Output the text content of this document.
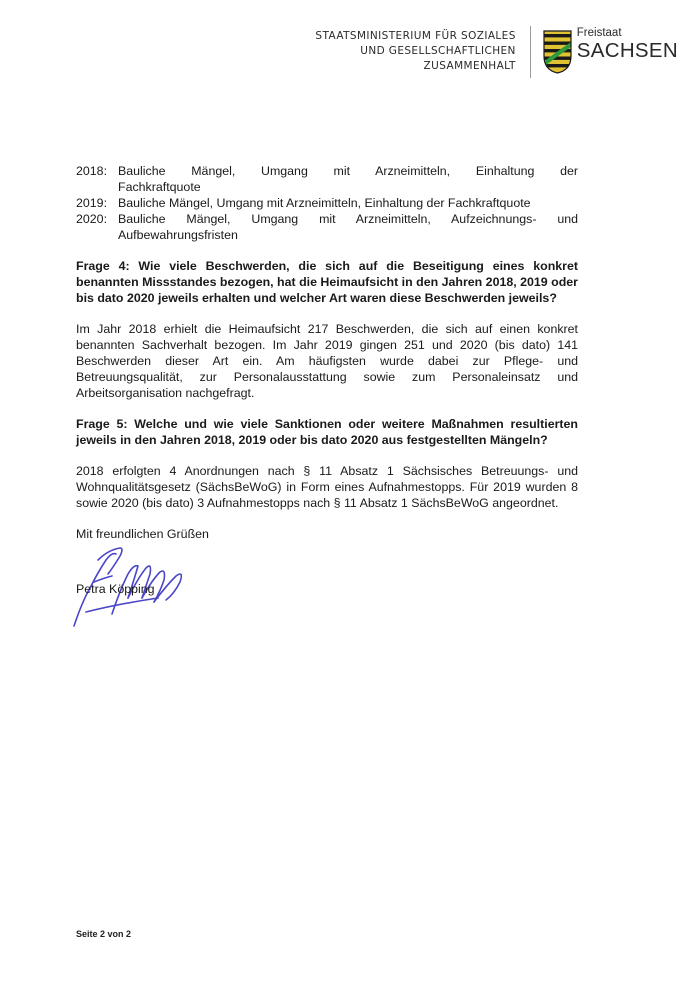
STAATSMINISTERIUM FÜR SOZIALES
UND GESELLSCHAFTLICHEN
ZUSAMMENHALT
Freistaat
SACHSEN
2018: Bauliche Mängel, Umgang mit Arzneimitteln, Einhaltung der
Fachkraftquote
2019: Bauliche Mängel, Umgang mit Arzneimitteln, Einhaltung der Fachkraftquote
2020: Bauliche Mängel, Umgang mit Arzneimitteln, Aufzeichnungs- und
Aufbewahrungsfristen
Frage 4: Wie viele Beschwerden, die sich auf die Beseitigung eines konkret benannten Missstandes bezogen, hat die Heimaufsicht in den Jahren 2018, 2019 oder bis dato 2020 jeweils erhalten und welcher Art waren diese Beschwerden jeweils?
Im Jahr 2018 erhielt die Heimaufsicht 217 Beschwerden, die sich auf einen konkret benannten Sachverhalt bezogen. Im Jahr 2019 gingen 251 und 2020 (bis dato) 141 Beschwerden dieser Art ein. Am häufigsten wurde dabei zur Pflege- und Betreuungsqualität, zur Personalausstattung sowie zum Personaleinsatz und Arbeitsorganisation nachgefragt.
Frage 5: Welche und wie viele Sanktionen oder weitere Maßnahmen resultierten jeweils in den Jahren 2018, 2019 oder bis dato 2020 aus festgestellten Mängeln?
2018 erfolgten 4 Anordnungen nach § 11 Absatz 1 Sächsisches Betreuungs- und Wohnqualitätsgesetz (SächsBeWoG) in Form eines Aufnahmestopps. Für 2019 wurden 8 sowie 2020 (bis dato) 3 Aufnahmestopps nach § 11 Absatz 1 SächsBeWoG angeordnet.
Mit freundlichen Grüßen
Petra Köpping
Seite 2 von 2
